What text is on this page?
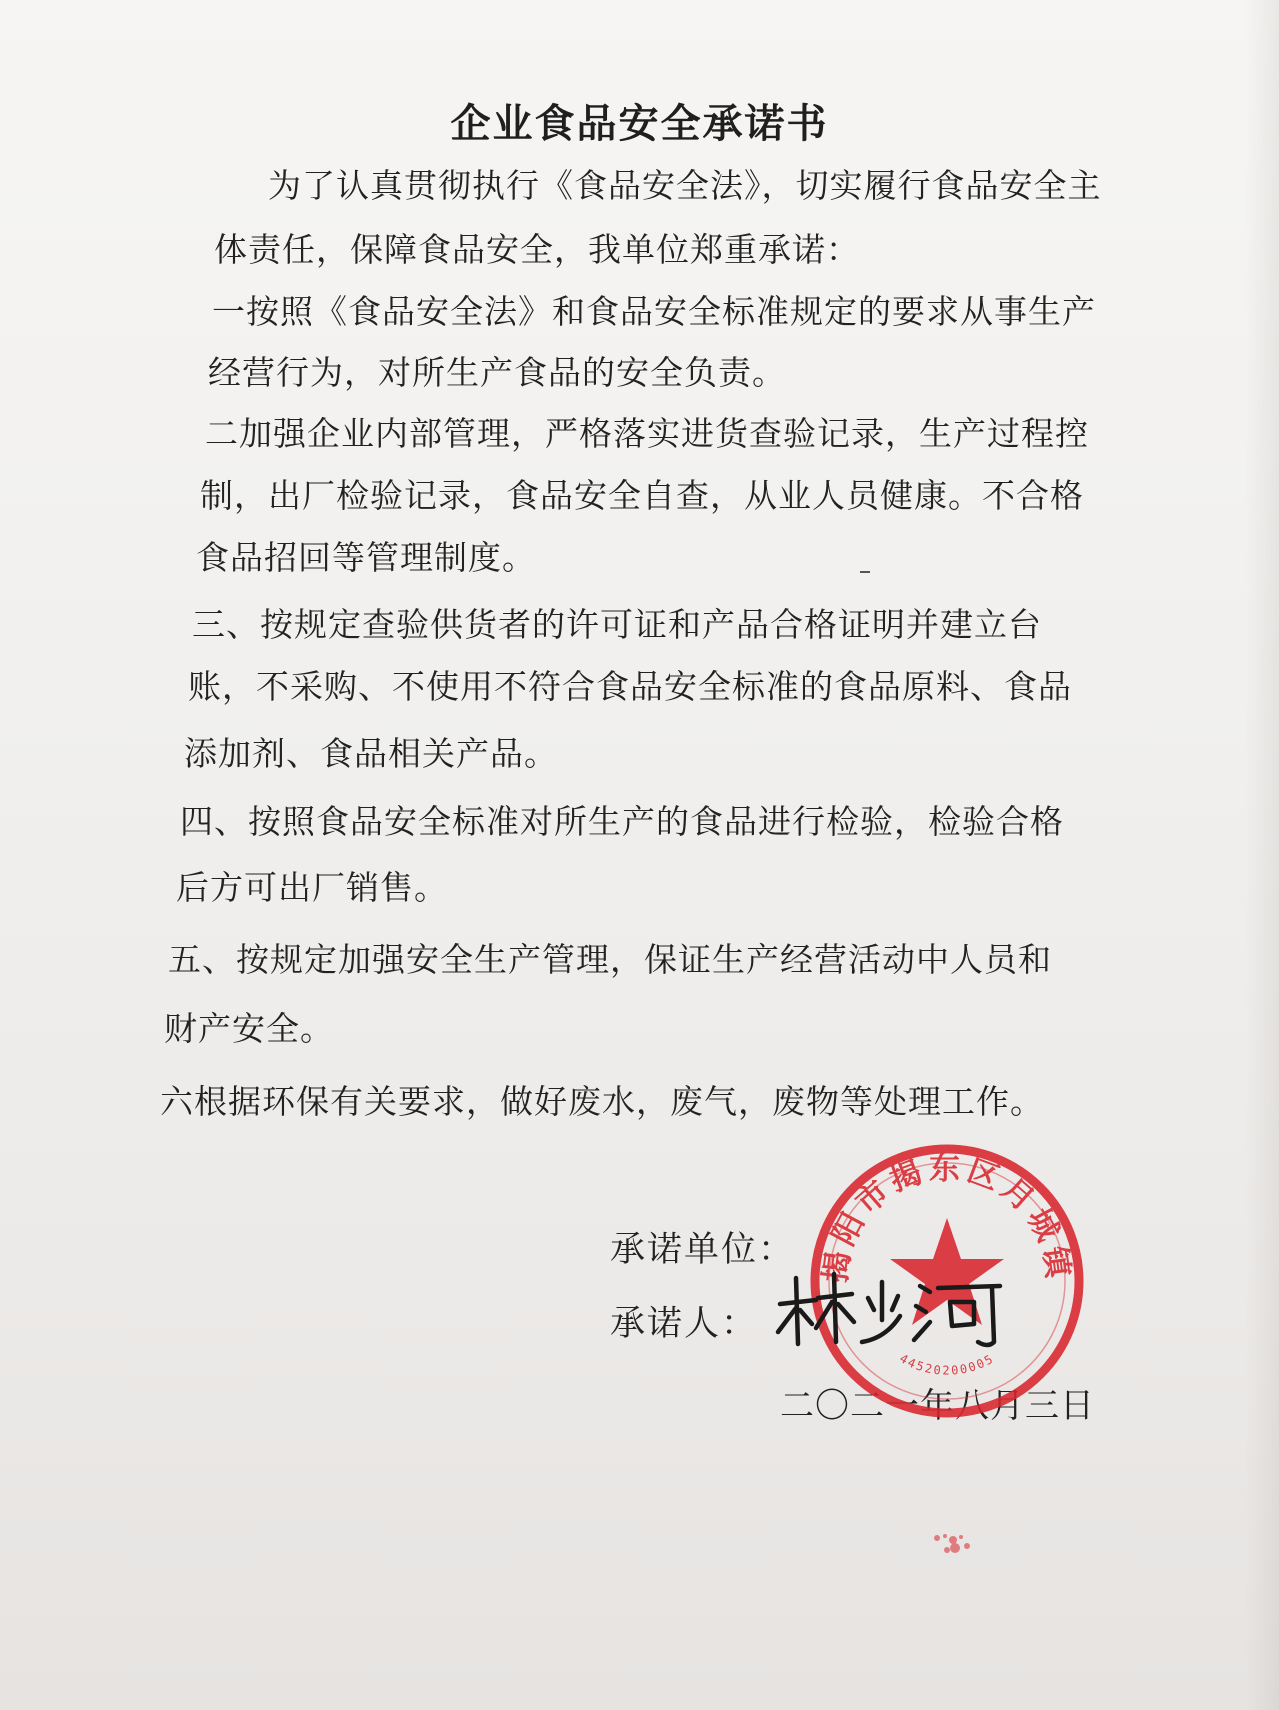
企业食品安全承诺书
为了认真贯彻执行《食品安全法》，切实履行食品安全主
体责任，保障食品安全，我单位郑重承诺：
一按照《食品安全法》和食品安全标准规定的要求从事生产
经营行为，对所生产食品的安全负责。
二加强企业内部管理，严格落实进货查验记录，生产过程控
制，出厂检验记录，食品安全自查，从业人员健康。不合格
食品招回等管理制度。
三、按规定查验供货者的许可证和产品合格证明并建立台
账，不采购、不使用不符合食品安全标准的食品原料、食品
添加剂、食品相关产品。
四、按照食品安全标准对所生产的食品进行检验，检验合格
后方可出厂销售。
五、按规定加强安全生产管理，保证生产经营活动中人员和
财产安全。
六根据环保有关要求，做好废水，废气，废物等处理工作。
承诺单位：
承诺人：
二〇二一年八月三日
揭阳市揭东区月城镇
44520200005
